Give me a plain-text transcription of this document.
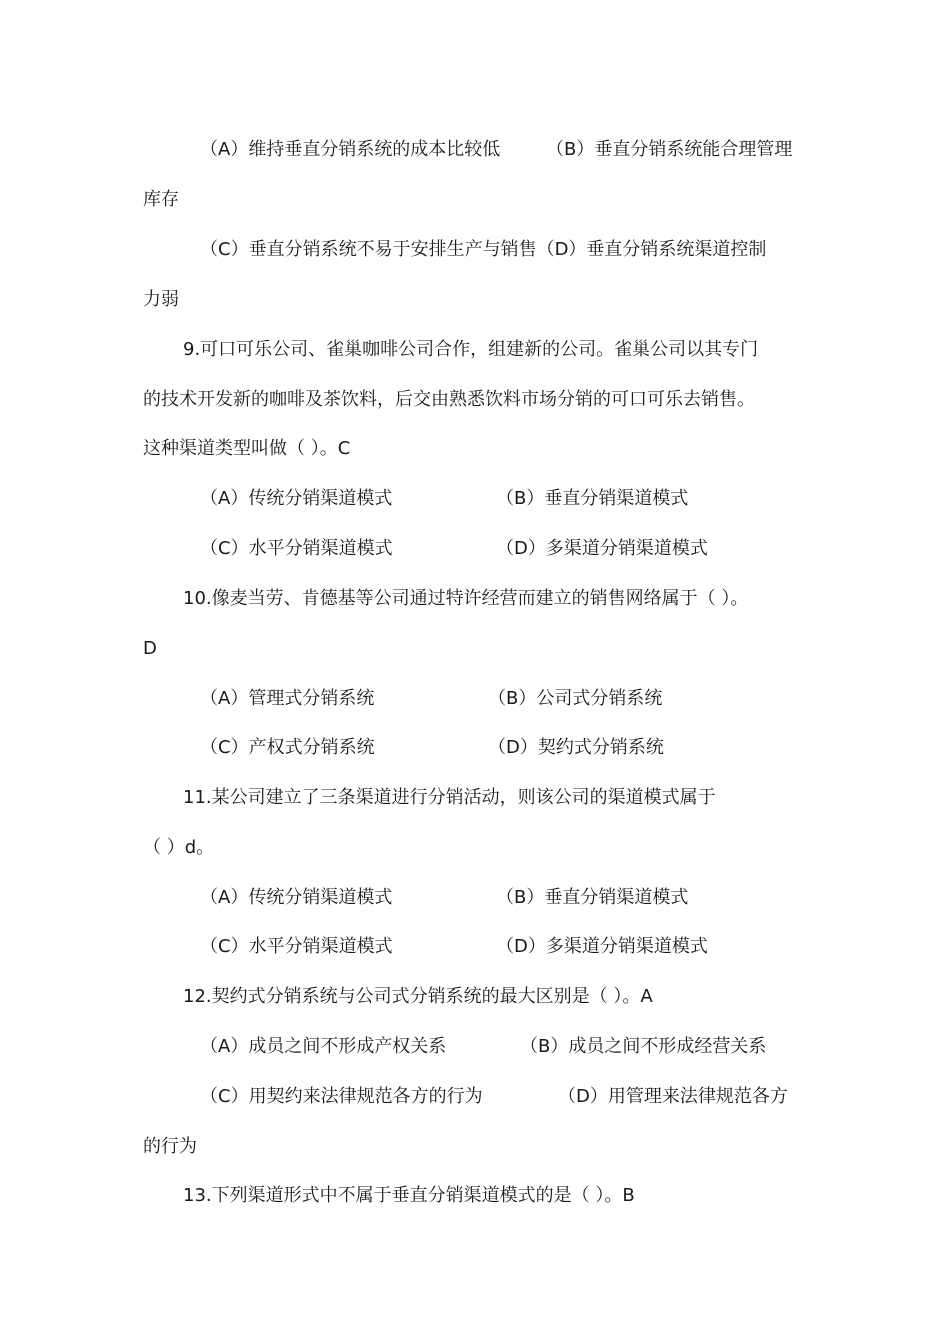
（A）维持垂直分销系统的成本比较低	（B）垂直分销系统能合理管理
库存
（C）垂直分销系统不易于安排生产与销售（D）垂直分销系统渠道控制
力弱
9.可口可乐公司、雀巢咖啡公司合作，组建新的公司。雀巢公司以其专门
的技术开发新的咖啡及茶饮料，后交由熟悉饮料市场分销的可口可乐去销售。
这种渠道类型叫做（ ）。C
（A）传统分销渠道模式	（B）垂直分销渠道模式
（C）水平分销渠道模式	（D）多渠道分销渠道模式
10.像麦当劳、肯德基等公司通过特许经营而建立的销售网络属于（ ）。
D
（A）管理式分销系统	（B）公司式分销系统
（C）产权式分销系统	（D）契约式分销系统
11.某公司建立了三条渠道进行分销活动，则该公司的渠道模式属于
（ ）d。
（A）传统分销渠道模式	（B）垂直分销渠道模式
（C）水平分销渠道模式	（D）多渠道分销渠道模式
12.契约式分销系统与公司式分销系统的最大区别是（ ）。A
（A）成员之间不形成产权关系	（B）成员之间不形成经营关系
（C）用契约来法律规范各方的行为	（D）用管理来法律规范各方
的行为
13.下列渠道形式中不属于垂直分销渠道模式的是（ ）。B
